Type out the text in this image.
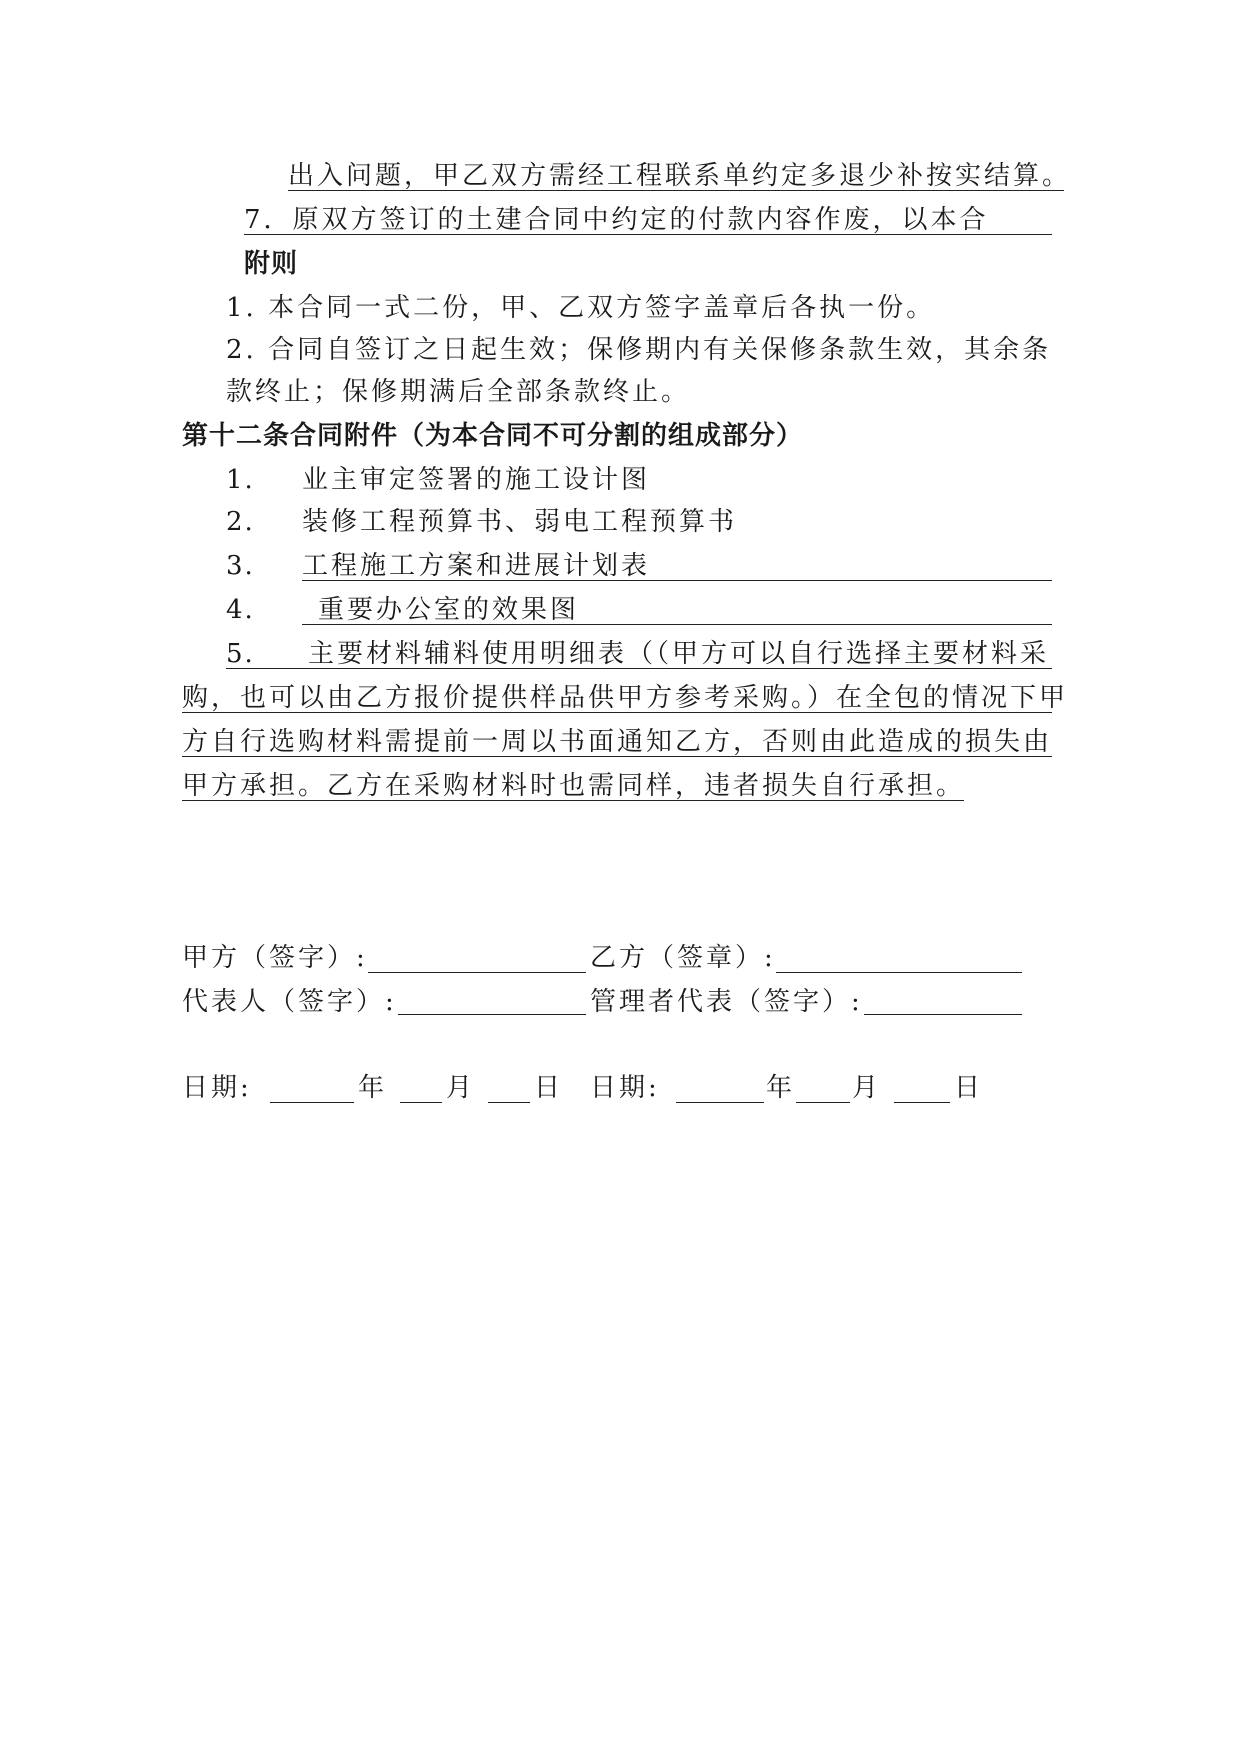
出入问题，甲乙双方需经工程联系单约定多退少补按实结算。
7．原双方签订的土建合同中约定的付款内容作废，以本合
附则
1. 本合同一式二份，甲、乙双方签字盖章后各执一份。
2. 合同自签订之日起生效；保修期内有关保修条款生效，其余条
款终止；保修期满后全部条款终止。
第十二条合同附件（为本合同不可分割的组成部分）
1. 业主审定签署的施工设计图
2. 装修工程预算书、弱电工程预算书
3. 工程施工方案和进展计划表
4. 重要办公室的效果图
5. 主要材料辅料使用明细表（（甲方可以自行选择主要材料采
购，也可以由乙方报价提供样品供甲方参考采购。）在全包的情况下甲
方自行选购材料需提前一周以书面通知乙方，否则由此造成的损失由
甲方承担。乙方在采购材料时也需同样，违者损失自行承担。
甲方（签字）:	乙方（签章）:
代表人（签字）:	管理者代表（签字）:
日期:	年 月 日 日期:	年 月	日
